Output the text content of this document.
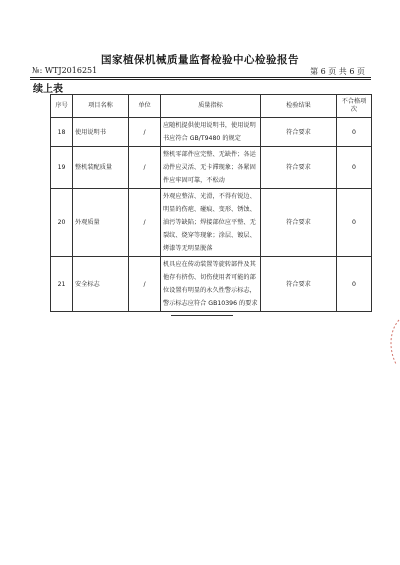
国家植保机械质量监督检验中心检验报告
№: WTJ2016251	第 6 页 共 6 页
续上表
序号	项目名称	单位	质量指标	检验结果	不合格项 次
18	使用说明书	/	应随机提供使用说明书，使用说明书应符合 GB/T9480 的规定	符合要求	0
19	整机装配质量	/	整机零部件应完整、无缺件；各运动件应灵活、无卡滞现象；各紧固件应牢固可靠，不松动	符合要求	0
20	外观质量	/	外观应整洁、光滑，不得有锐边、明显的伤疤、碰痕、变形、锈蚀、油污等缺陷；焊接部位应平整、无裂纹、烧穿等现象；涂层、镀层、烤漆等无明显脱落	符合要求	0
21	安全标志	/	机具应在传动装置等旋转部件及其他存有挤伤、切伤使用者可能的部位设置有明显的永久性警示标志，警示标志应符合 GB10396 的要求	符合要求	0
